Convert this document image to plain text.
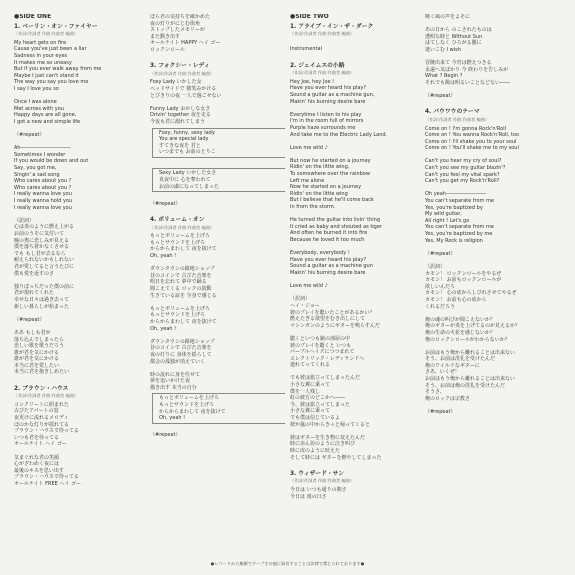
●SIDE ONE
1. ベーリン・オン・ファイヤー
（作詞:作詞者 作曲:作曲者 編曲）
My heart gets on fire
Cause you've just been a liar
Sadness in your eyes
It makes me so uneasy
But if you ever walk away from me
Maybe I just can't stand it
The way you say you love me
I say I love you so
Once I was alone
Met across with you
Happy days are all gone,
I got a new and simple life
（#repeat）
Ah――――――――――
Sometimes I wonder
If you would be down and out
Say, you got me,
Singin' a sad song
Who cares about you ?
Who cares about you ?
I really wanna love you
I really wanna hold you
I really wanna love you
（訳詞）
心は炎のように燃え上がる
お前のうそに気付いて
瞳の奥に悲しみが見える
僕を落ち着かなくさせる
でも もし君が去るなら
耐えられないかもしれない
君が愛してると言うたびに
僕も愛を返すのさ
独りぼっちだった僕の前に
君が現れてくれた
幸せな日々は過ぎ去って
新しい暮らしが始まった
（#repeat）
ああ もしも君が
落ち込んでしまったら
悲しい歌を歌うだろう
誰が君を気にかける
誰が君を気にかける
本当に君を愛したい
本当に君を抱きしめたい
2. ブラウン・ハウス
（作詞:作詞者 作曲:作曲者 編曲）
コンクリートに囲まれた
古びたアパートの窓
夜更けに流れるメロディ
ほのかな灯りが揺れてる
ブラウン・ハウスで待ってる
いつも君を待ってる
オールナイト ヘイ ゴー
気まぐれな君の笑顔
心がざわめく夜には
最後のキスを思い出す
ブラウン・ハウスで待ってる
オールナイト FREE ヘイ ゴー
ほら君の気持ちを確かめた
夜の灯りがにじむ街角
ストップしたメモリーが
また動き出す
オールナイト HAPPY ヘイ ゴー
ロックンロール
3. フォクシー・レディ
（作詞:作詞者 作曲:作曲者 編曲）
Foxy Lady いかした女
ベッドサイドで 微笑みかける
とびきりの夜 一人で過ごせない
Funny Lady おかしな女さ
Drivin' together 夜を走る
今夜も君に溺れてしまう
Foxy, funny, sexy lady
You are special lady
すてきな夜を 君と
いつまでも お前のとりこ
Sexy Lady いかした女さ
真夜中に 心を奪われて
お前の虜になってしまった
（#repeat）
4. ボリューム・オン
（作詞:作詞者 作曲:作曲者 編曲）
もっとボリュームを上げろ
もっとサウンドを上げろ
からからまわして 夜を抜けて
Oh, yeah !
ダウンタウンの路地ショップ
昔のコインで 古びた音楽を
明日を忘れて 夢中で踊る
聞こえてくる ロックの鼓動
生きている証を 全身で感じる
もっとボリュームを上げろ
もっとサウンドを上げろ
からからまわして 夜を抜けて
Oh, yeah !
ダウンタウンの路地ショップ
昔のコインで 古びた音楽を
夜の灯りに 身体を揺らして
都会の孤独が消えていく
時の流れに身を任せて
夢を追いかけた夜
描き出す 本当の自分
もっとボリュームを上げろ
もっとサウンドを上げろ
からからまわして 夜を抜けて
Oh, yeah !
（#repeat）
●SIDE TWO
1. アライブ・イン・ザ・ダーク
（作詞:作詞者 作曲:作曲者 編曲）
Instrumental
2. ジェイムスの小路
（作詞:作詞者 作曲:作曲者 編曲）
Hey Joe, hey Joe !
Have you ever heard his play?
Sound a guitar as a machine gun,
Makin' his burning desire bare
Everytime I listen to his play
I'm in the room full of mirrors
Purple haze surrounds me
And take me to the Electric Lady Land.
Love me wild ♪
But now he started on a journey
Ridin' on the little wing,
To somewhere over the rainbow
Left me alone
Now he started on a journey
Ridin' on the little wing
But I believe that he'll come back
In from the storm.
He turned the guitar into livin' thing
It cried as baby and shouted as tiger
And often he burned it into fire
Because he loved it too much
Everybody, everybody !
Have you ever heard his play?
Sound a guitar as a machine gun
Makin' his burning desire bare
Love me wild ♪
（訳詞）
ヘイ・ジョー
彼のプレイを聴いたことがあるかい？
燃えたぎる欲望をむき出しにして
マシンガンのようにギターを鳴らすんだ
聴くといつも鏡の部屋の中
彼のプレイを聴くと いつも
パープルヘイズにつつまれて
エレクトリック・レディランドへ
連れてってくれる
でも彼は旅立ってしまったんだ
小さな翼に乗って
僕を一人残し
虹の彼方のどこかへ――
今、彼は旅立ってしまった
小さな翼に乗って
でも僕は信じているよ
彼が嵐の中からきっと帰ってくると
彼はギターを生き物に変えたんだ
時に赤ん坊のように泣き叫び
時に虎のように吠えた
そして時には ギターを燃やしてしまった
3. ウィザード・サン
（作詞:作詞者 作曲:作曲者 編曲）
今日は いつも通りの朝さ
今日は 雨の日さ
嘆く風の声をよそに
あの日から のこされたものは
透明な時と Without Sun
はてしなく ひろがる闇に
迷いこむ I wish
冒険出来て 今宵は燃えつきる
永遠へ気ばかり 今 終わりを告しみが
What ? Begin ?
それでも陽は明るいことなどない――
（#repeat）
4. パウワウのテーマ
（作詞:作詞者 作曲:作曲者 編曲）
Come on ! I'm gonna Rock'n'Roll
Come on ! You wanna Rock'n'Roll, too
Come on ! I'll shake you to your soul
Come on ! You'll shake me to my soul
Can't you hear my cry of soul?
Can't you see my guitar blazin'?
Can't you feel my vital spark?
Can't you get my Rock'n'Roll?
Oh yeah――――――――
You can't separate from me
Yes, you're baptized by
My wild guitar,
All right ! Let's go
You can't separate from me
Yes, you're baptized by me
Yes, My Rock is religion
（#repeat）
（訳詞）
カモン！ ロックンロールをやるぜ
カモン！ お前もロックンロールが
欲しいんだろ
カモン！ 心の底からしびれさせてやるぜ
カモン！ お前も心の底から
くれるだろう
俺の魂の叫びが聞こえないか？
俺のギターが炎を上げてるのが見えるか？
俺の生命の火花を感じないか？
俺のロックンロールがわからないか？
お前はもう俺から離れることは出来ない
そう、お前は洗礼を受けたんだ
俺のワイルドなギターに
さあ、いくぜ！
お前はもう俺から離れることは出来ない
そう、お前は俺の洗礼を受けたんだ
そうさ、
俺のロックは宗教さ
（#repeat）
●レコードから無断でテープその他に録音することは法律で禁じられております●
